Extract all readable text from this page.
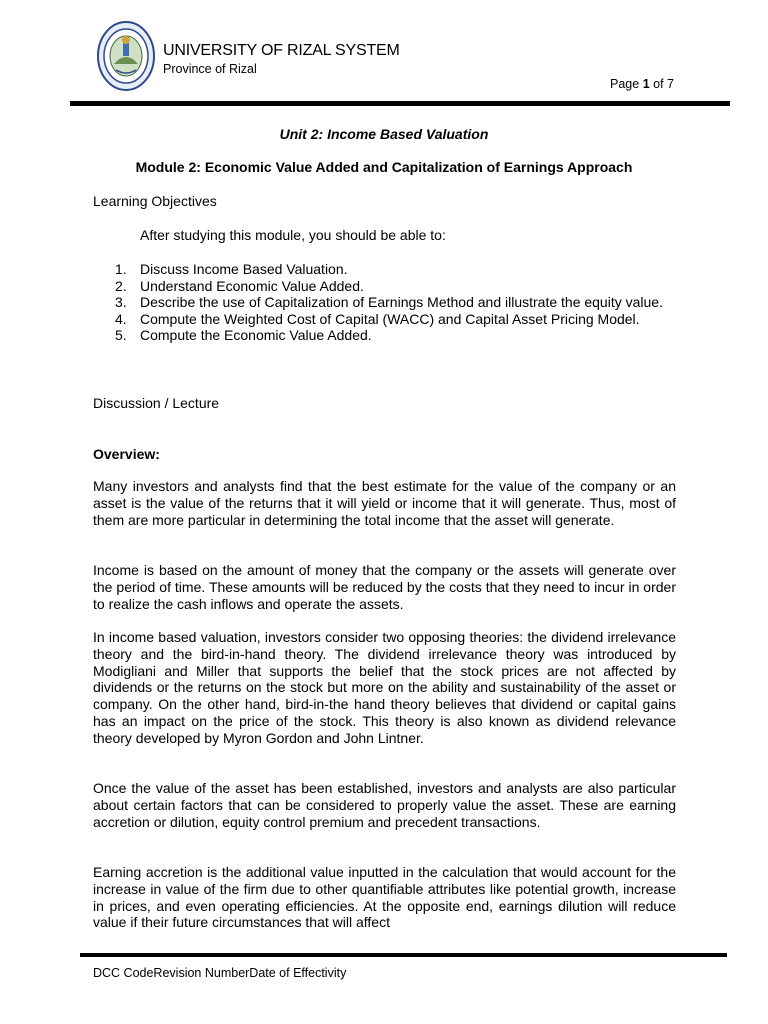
UNIVERSITY OF RIZAL SYSTEM
Province of Rizal
Page 1 of 7
Unit 2: Income Based Valuation
Module 2: Economic Value Added and Capitalization of Earnings Approach
Learning Objectives
After studying this module, you should be able to:
1. Discuss Income Based Valuation.
2. Understand Economic Value Added.
3. Describe the use of Capitalization of Earnings Method and illustrate the equity value.
4. Compute the Weighted Cost of Capital (WACC) and Capital Asset Pricing Model.
5. Compute the Economic Value Added.
Discussion / Lecture
Overview:

Many investors and analysts find that the best estimate for the value of the company or an asset is the value of the returns that it will yield or income that it will generate. Thus, most of them are more particular in determining the total income that the asset will generate.

Income is based on the amount of money that the company or the assets will generate over the period of time. These amounts will be reduced by the costs that they need to incur in order to realize the cash inflows and operate the assets.

In income based valuation, investors consider two opposing theories: the dividend irrelevance theory and the bird-in-hand theory. The dividend irrelevance theory was introduced by Modigliani and Miller that supports the belief that the stock prices are not affected by dividends or the returns on the stock but more on the ability and sustainability of the asset or company. On the other hand, bird-in-the hand theory believes that dividend or capital gains has an impact on the price of the stock. This theory is also known as dividend relevance theory developed by Myron Gordon and John Lintner.

Once the value of the asset has been established, investors and analysts are also particular about certain factors that can be considered to properly value the asset. These are earning accretion or dilution, equity control premium and precedent transactions.

Earning accretion is the additional value inputted in the calculation that would account for the increase in value of the firm due to other quantifiable attributes like potential growth, increase in prices, and even operating efficiencies. At the opposite end, earnings dilution will reduce value if their future circumstances that will affect

DCC CodeRevision NumberDate of Effectivity
